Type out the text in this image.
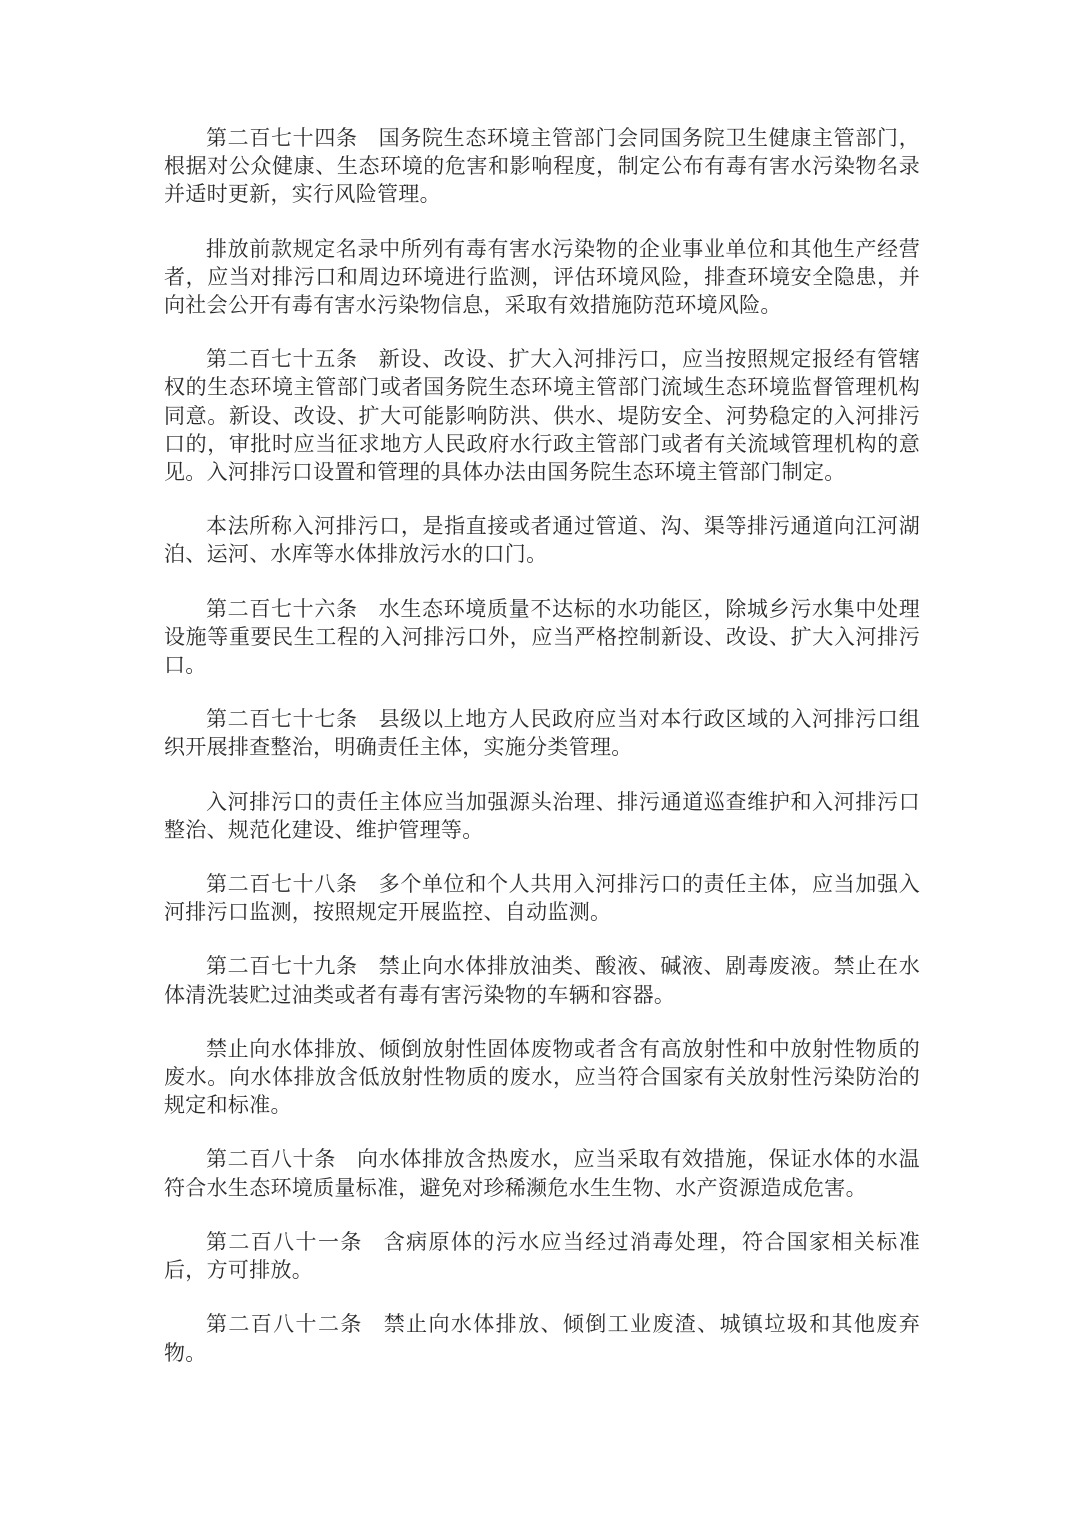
第二百七十四条 国务院生态环境主管部门会同国务院卫生健康主管部门，根据对公众健康、生态环境的危害和影响程度，制定公布有毒有害水污染物名录并适时更新，实行风险管理。

排放前款规定名录中所列有毒有害水污染物的企业事业单位和其他生产经营者，应当对排污口和周边环境进行监测，评估环境风险，排查环境安全隐患，并向社会公开有毒有害水污染物信息，采取有效措施防范环境风险。

第二百七十五条 新设、改设、扩大入河排污口，应当按照规定报经有管辖权的生态环境主管部门或者国务院生态环境主管部门流域生态环境监督管理机构同意。新设、改设、扩大可能影响防洪、供水、堤防安全、河势稳定的入河排污口的，审批时应当征求地方人民政府水行政主管部门或者有关流域管理机构的意见。入河排污口设置和管理的具体办法由国务院生态环境主管部门制定。

本法所称入河排污口，是指直接或者通过管道、沟、渠等排污通道向江河湖泊、运河、水库等水体排放污水的口门。

第二百七十六条 水生态环境质量不达标的水功能区，除城乡污水集中处理设施等重要民生工程的入河排污口外，应当严格控制新设、改设、扩大入河排污口。

第二百七十七条 县级以上地方人民政府应当对本行政区域的入河排污口组织开展排查整治，明确责任主体，实施分类管理。

入河排污口的责任主体应当加强源头治理、排污通道巡查维护和入河排污口整治、规范化建设、维护管理等。

第二百七十八条 多个单位和个人共用入河排污口的责任主体，应当加强入河排污口监测，按照规定开展监控、自动监测。

第二百七十九条 禁止向水体排放油类、酸液、碱液、剧毒废液。禁止在水体清洗装贮过油类或者有毒有害污染物的车辆和容器。

禁止向水体排放、倾倒放射性固体废物或者含有高放射性和中放射性物质的废水。向水体排放含低放射性物质的废水，应当符合国家有关放射性污染防治的规定和标准。

第二百八十条 向水体排放含热废水，应当采取有效措施，保证水体的水温符合水生态环境质量标准，避免对珍稀濒危水生生物、水产资源造成危害。

第二百八十一条 含病原体的污水应当经过消毒处理，符合国家相关标准后，方可排放。

第二百八十二条 禁止向水体排放、倾倒工业废渣、城镇垃圾和其他废弃物。
